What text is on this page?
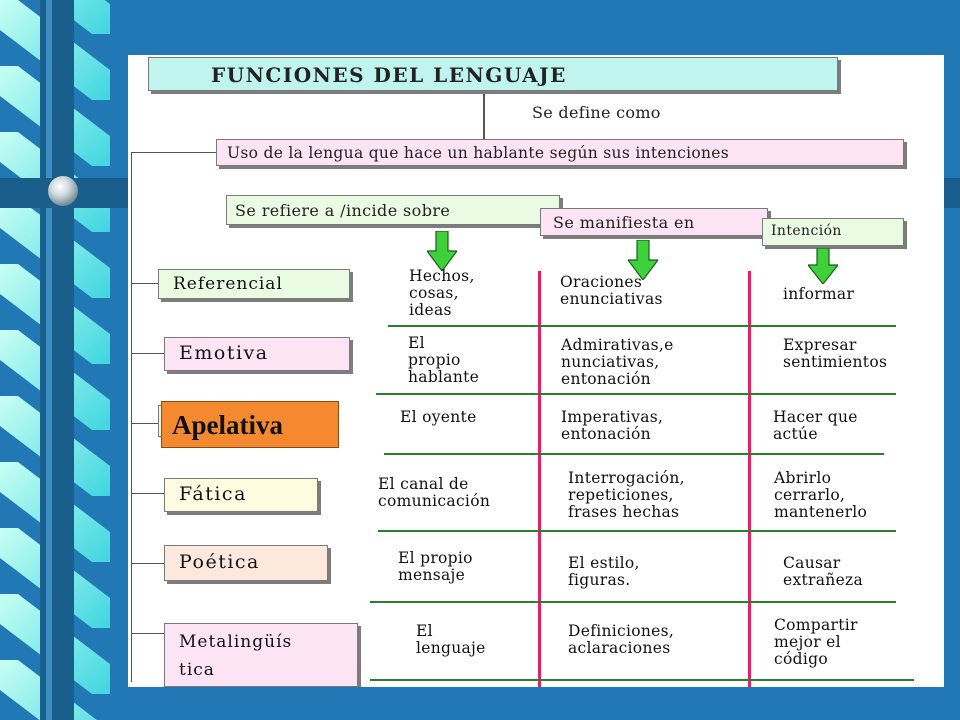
FUNCIONES DEL LENGUAJE
Se define como
Uso de la lengua que hace un hablante según sus intenciones
Se refiere a /incide sobre
Se manifiesta en	Intención
Referencial
Emotiva
Apelativa
Fática
Poética
Metalingüís
tica
Hechos,
cosas,
ideas
El
propio
hablante
El oyente
El canal de
comunicación
El propio
mensaje
El
lenguaje
Oraciones
enunciativas
Admirativas,e
nunciativas,
entonación
Imperativas,
entonación
Interrogación,
repeticiones,
frases hechas
El estilo,
figuras.
Definiciones,
aclaraciones
informar
Expresar
sentimientos
Hacer que
actúe
Abrirlo
cerrarlo,
mantenerlo
Causar
extrañeza
Compartir
mejor el
código
